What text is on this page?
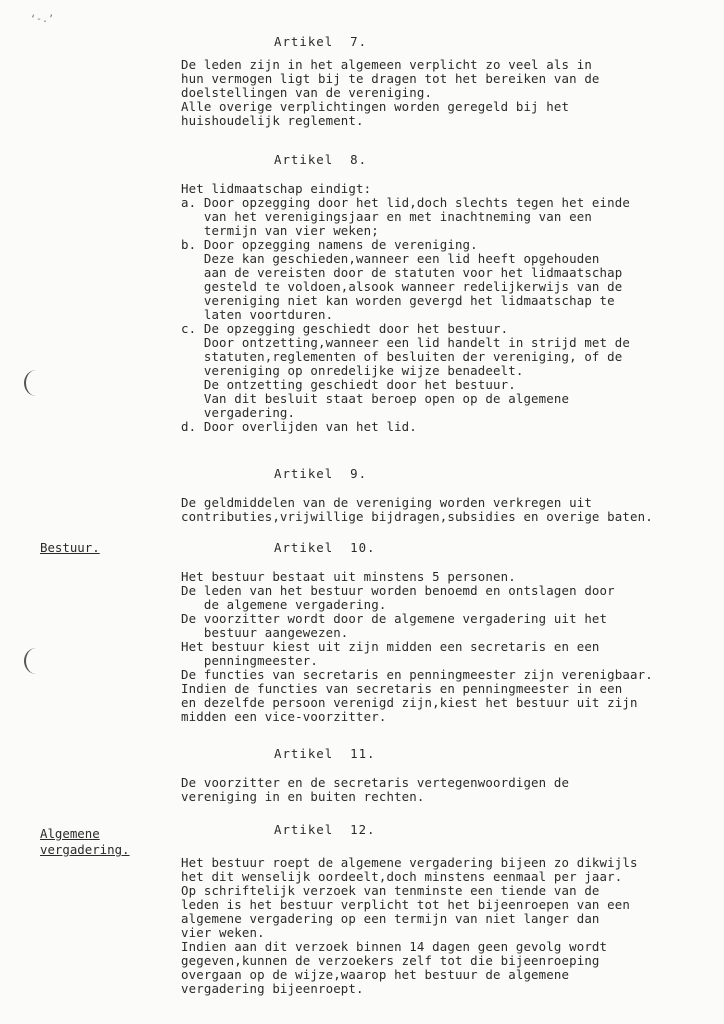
‘-.’
Artikel  7.
De leden zijn in het algemeen verplicht zo veel als in
hun vermogen ligt bij te dragen tot het bereiken van de
doelstellingen van de vereniging.
Alle overige verplichtingen worden geregeld bij het
huishoudelijk reglement.
Artikel  8.
Het lidmaatschap eindigt:
a. Door opzegging door het lid,doch slechts tegen het einde
van het verenigingsjaar en met inachtneming van een
termijn van vier weken;
b. Door opzegging namens de vereniging.
Deze kan geschieden,wanneer een lid heeft opgehouden
aan de vereisten door de statuten voor het lidmaatschap
gesteld te voldoen,alsook wanneer redelijkerwijs van de
vereniging niet kan worden gevergd het lidmaatschap te
laten voortduren.
c. De opzegging geschiedt door het bestuur.
Door ontzetting,wanneer een lid handelt in strijd met de
statuten,reglementen of besluiten der vereniging, of de
vereniging op onredelijke wijze benadeelt.
De ontzetting geschiedt door het bestuur.
Van dit besluit staat beroep open op de algemene
vergadering.
d. Door overlijden van het lid.
Artikel  9.
De geldmiddelen van de vereniging worden verkregen uit
contributies,vrijwillige bijdragen,subsidies en overige baten.
Artikel  10.
Het bestuur bestaat uit minstens 5 personen.
De leden van het bestuur worden benoemd en ontslagen door
de algemene vergadering.
De voorzitter wordt door de algemene vergadering uit het
bestuur aangewezen.
Het bestuur kiest uit zijn midden een secretaris en een
penningmeester.
De functies van secretaris en penningmeester zijn verenigbaar.
Indien de functies van secretaris en penningmeester in een
en dezelfde persoon verenigd zijn,kiest het bestuur uit zijn
midden een vice-voorzitter.
Artikel  11.
De voorzitter en de secretaris vertegenwoordigen de
vereniging in en buiten rechten.
Artikel  12.
Het bestuur roept de algemene vergadering bijeen zo dikwijls
het dit wenselijk oordeelt,doch minstens eenmaal per jaar.
Op schriftelijk verzoek van tenminste een tiende van de
leden is het bestuur verplicht tot het bijeenroepen van een
algemene vergadering op een termijn van niet langer dan
vier weken.
Indien aan dit verzoek binnen 14 dagen geen gevolg wordt
gegeven,kunnen de verzoekers zelf tot die bijeenroeping
overgaan op de wijze,waarop het bestuur de algemene
vergadering bijeenroept.
Bestuur.
Algemene
vergadering.
